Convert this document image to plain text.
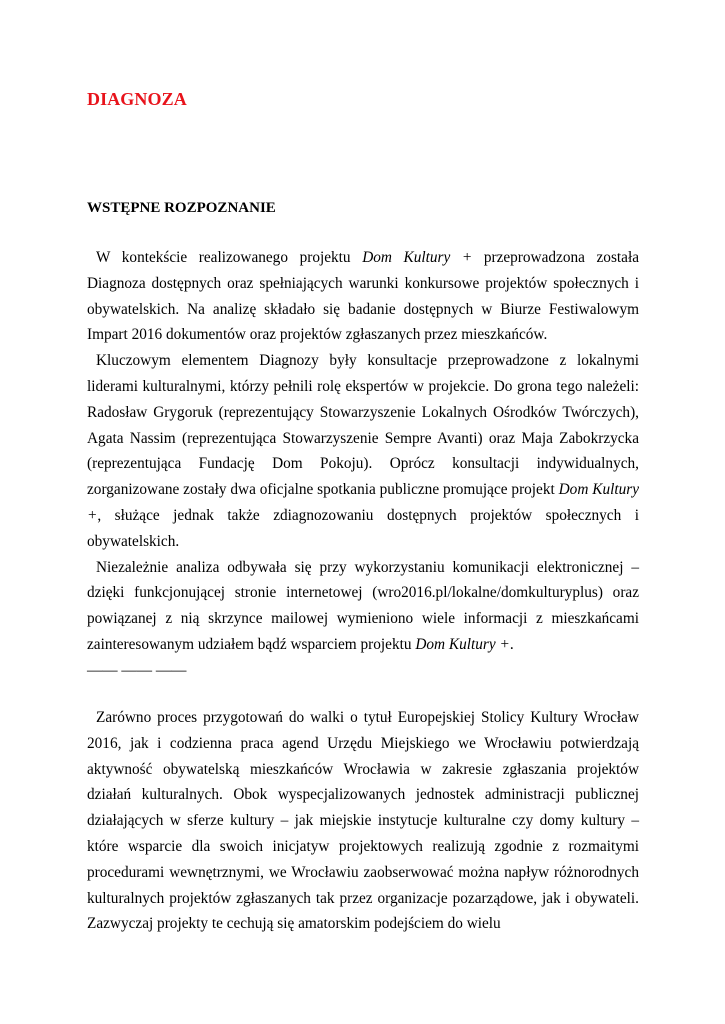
DIAGNOZA
WSTĘPNE ROZPOZNANIE

W kontekście realizowanego projektu Dom Kultury + przeprowadzona została Diagnoza dostępnych oraz spełniających warunki konkursowe projektów społecznych i obywatelskich. Na analizę składało się badanie dostępnych w Biurze Festiwalowym Impart 2016 dokumentów oraz projektów zgłaszanych przez mieszkańców.

Kluczowym elementem Diagnozy były konsultacje przeprowadzone z lokalnymi liderami kulturalnymi, którzy pełnili rolę ekspertów w projekcie. Do grona tego należeli: Radosław Grygoruk (reprezentujący Stowarzyszenie Lokalnych Ośrodków Twórczych), Agata Nassim (reprezentująca Stowarzyszenie Sempre Avanti) oraz Maja Zabokrzycka (reprezentująca Fundację Dom Pokoju). Oprócz konsultacji indywidualnych, zorganizowane zostały dwa oficjalne spotkania publiczne promujące projekt Dom Kultury +, służące jednak także zdiagnozowaniu dostępnych projektów społecznych i obywatelskich.

Niezależnie analiza odbywała się przy wykorzystaniu komunikacji elektronicznej – dzięki funkcjonującej stronie internetowej (wro2016.pl/lokalne/domkulturyplus) oraz powiązanej z nią skrzynce mailowej wymieniono wiele informacji z mieszkańcami zainteresowanym udziałem bądź wsparciem projektu Dom Kultury +.

—— —— ——

Zarówno proces przygotowań do walki o tytuł Europejskiej Stolicy Kultury Wrocław 2016, jak i codzienna praca agend Urzędu Miejskiego we Wrocławiu potwierdzają aktywność obywatelską mieszkańców Wrocławia w zakresie zgłaszania projektów działań kulturalnych. Obok wyspecjalizowanych jednostek administracji publicznej działających w sferze kultury – jak miejskie instytucje kulturalne czy domy kultury – które wsparcie dla swoich inicjatyw projektowych realizują zgodnie z rozmaitymi procedurami wewnętrznymi, we Wrocławiu zaobserwować można napływ różnorodnych kulturalnych projektów zgłaszanych tak przez organizacje pozarządowe, jak i obywateli. Zazwyczaj projekty te cechują się amatorskim podejściem do wielu
